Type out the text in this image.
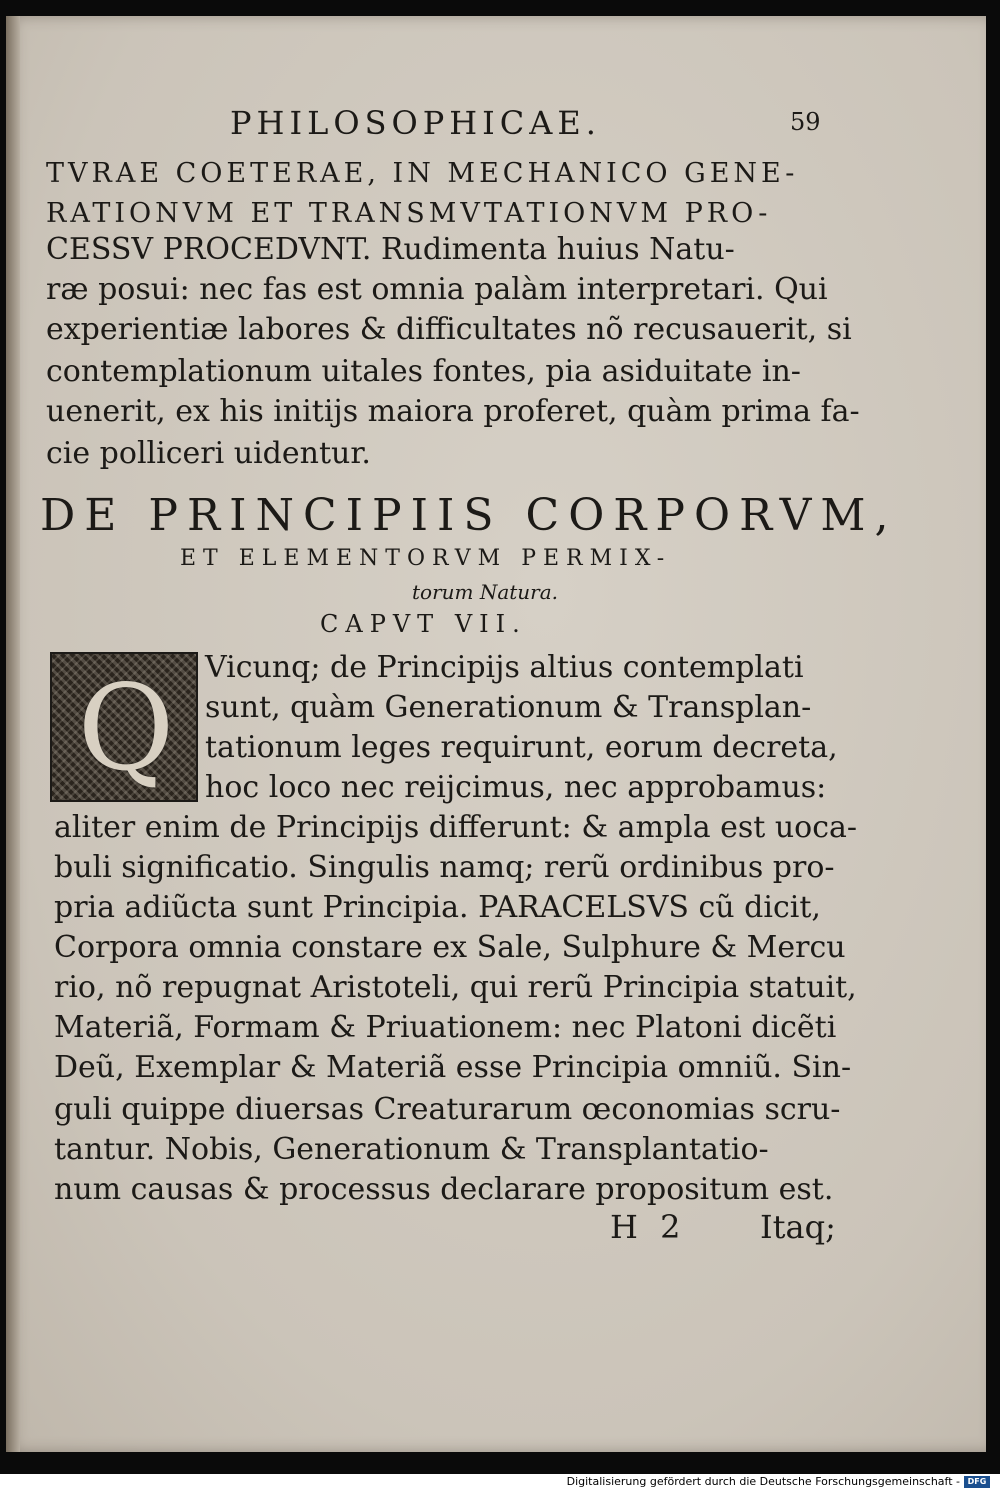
PHILOSOPHICAE.	59
TVRAE COETERAE, IN MECHANICO GENE-
RATIONVM ET TRANSMVTATIONVM PRO-
CESSV PROCEDVNT. Rudimenta huius Natu-
ræ posui: nec fas est omnia palàm interpretari. Qui
experientiæ labores & difficultates nõ recusauerit, si
contemplationum uitales fontes, pia asiduitate in-
uenerit, ex his initijs maiora proferet, quàm prima fa-
cie polliceri uidentur.
DE PRINCIPIIS CORPORVM,
ET ELEMENTORVM PERMIX-
torum Natura.
CAPVT VII.
Q Vicunq; de Principijs altius contemplati
sunt, quàm Generationum & Transplan-
tationum leges requirunt, eorum decreta,
hoc loco nec reijcimus, nec approbamus:
aliter enim de Principijs differunt: & ampla est uoca-
buli significatio. Singulis namq; rerũ ordinibus pro-
pria adiũcta sunt Principia. PARACELSVS cũ dicit,
Corpora omnia constare ex Sale, Sulphure & Mercu
rio, nõ repugnat Aristoteli, qui rerũ Principia statuit,
Materiã, Formam & Priuationem: nec Platoni dicẽti
Deũ, Exemplar & Materiã esse Principia omniũ. Sin-
guli quippe diuersas Creaturarum œconomias scru-
tantur. Nobis, Generationum & Transplantatio-
num causas & processus declarare propositum est.
H 2 Itaq;
Digitalisierung gefördert durch die Deutsche Forschungsgemeinschaft - DFG
